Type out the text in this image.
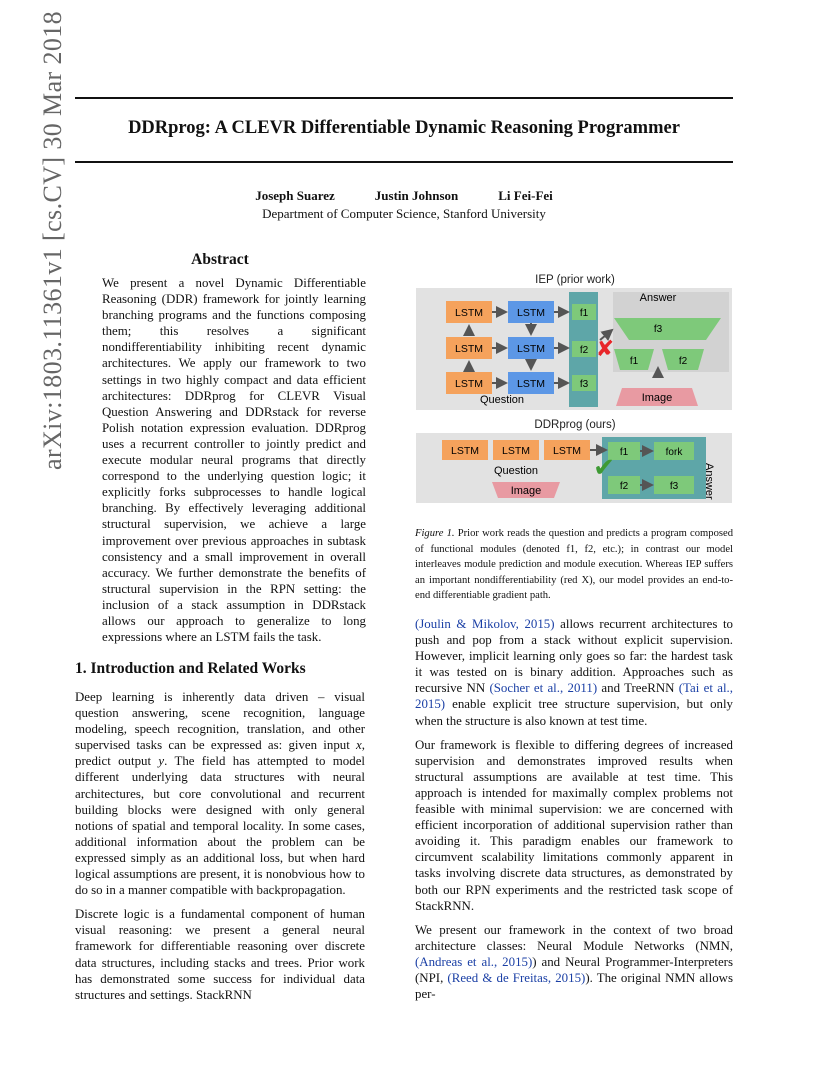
arXiv:1803.11361v1 [cs.CV] 30 Mar 2018	DDRprog: A CLEVR Differentiable Dynamic Reasoning Programmer
Joseph Suarez	Justin Johnson	Li Fei-Fei
Department of Computer Science, Stanford University
Abstract
We present a novel Dynamic Differentiable Reasoning (DDR) framework for jointly learning branching programs and the functions composing them; this resolves a significant nondifferentiability inhibiting recent dynamic architectures. We apply our framework to two settings in two highly compact and data efficient architectures: DDRprog for CLEVR Visual Question Answering and DDRstack for reverse Polish notation expression evaluation. DDRprog uses a recurrent controller to jointly predict and execute modular neural programs that directly correspond to the underlying question logic; it explicitly forks subprocesses to handle logical branching. By effectively leveraging additional structural supervision, we achieve a large improvement over previous approaches in subtask consistency and a small improvement in overall accuracy. We further demonstrate the benefits of structural supervision in the RPN setting: the inclusion of a stack assumption in DDRstack allows our approach to generalize to long expressions where an LSTM fails the task.
1. Introduction and Related Works

Deep learning is inherently data driven – visual question answering, scene recognition, language modeling, speech recognition, translation, and other supervised tasks can be expressed as: given input x, predict output y. The field has attempted to model different underlying data structures with neural architectures, but core convolutional and recurrent building blocks were designed with only general notions of spatial and temporal locality. In some cases, additional information about the problem can be expressed simply as an additional loss, but when hard logical assumptions are present, it is nonobvious how to do so in a manner compatible with backpropagation.

Discrete logic is a fundamental component of human visual reasoning: we present a general neural framework for differentiable reasoning over discrete data structures, including stacks and trees. Prior work has demonstrated some success for individual data structures and settings. StackRNN

IEP (prior work)
LSTM
LSTM
LSTM
LSTM
LSTM
LSTM
f1
f2
f3
Question
Answer
f3
f1	f2
Image
✘
DDRprog (ours)
LSTM LSTM LSTM
Question
Image
f1	fork
f2	f3 Answer
✔
Figure 1. Prior work reads the question and predicts a program composed of functional modules (denoted f1, f2, etc.); in contrast our model interleaves module prediction and module execution. Whereas IEP suffers an important nondifferentiability (red X), our model provides an end-to-end differentiable gradient path.

(Joulin & Mikolov, 2015) allows recurrent architectures to push and pop from a stack without explicit supervision. However, implicit learning only goes so far: the hardest task it was tested on is binary addition. Approaches such as recursive NN (Socher et al., 2011) and TreeRNN (Tai et al., 2015) enable explicit tree structure supervision, but only when the structure is also known at test time.

Our framework is flexible to differing degrees of increased supervision and demonstrates improved results when structural assumptions are available at test time. This approach is intended for maximally complex problems not feasible with minimal supervision: we are concerned with efficient incorporation of additional supervision rather than avoiding it. This paradigm enables our framework to circumvent scalability limitations commonly apparent in tasks involving discrete data structures, as demonstrated by both our RPN experiments and the restricted task scope of StackRNN.

We present our framework in the context of two broad architecture classes: Neural Module Networks (NMN, (Andreas et al., 2015)) and Neural Programmer-Interpreters (NPI, (Reed & de Freitas, 2015)). The original NMN allows per-
